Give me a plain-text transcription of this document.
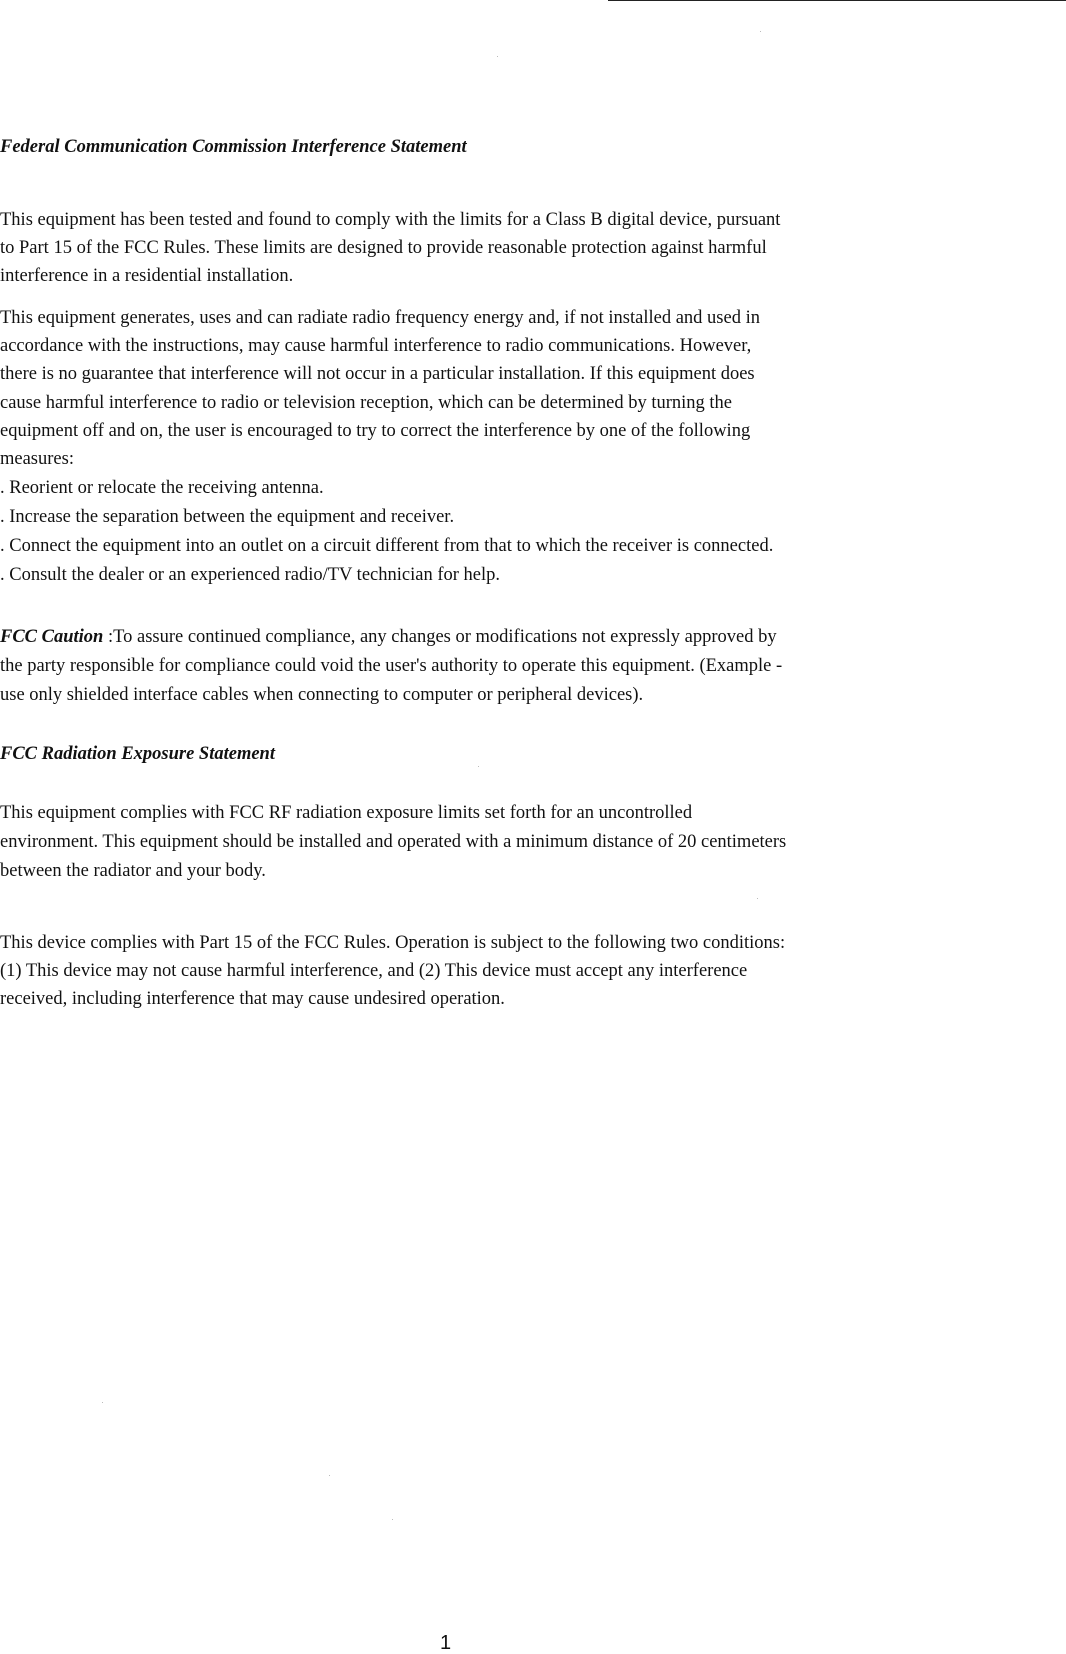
Federal Communication Commission Interference Statement
This equipment has been tested and found to comply with the limits for a Class B digital device, pursuant
to Part 15 of the FCC Rules. These limits are designed to provide reasonable protection against harmful
interference in a residential installation.
This equipment generates, uses and can radiate radio frequency energy and, if not installed and used in
accordance with the instructions, may cause harmful interference to radio communications. However,
there is no guarantee that interference will not occur in a particular installation. If this equipment does
cause harmful interference to radio or television reception, which can be determined by turning the
equipment off and on, the user is encouraged to try to correct the interference by one of the following
measures:
. Reorient or relocate the receiving antenna.
. Increase the separation between the equipment and receiver.
. Connect the equipment into an outlet on a circuit different from that to which the receiver is connected.
. Consult the dealer or an experienced radio/TV technician for help.
FCC Caution :To assure continued compliance, any changes or modifications not expressly approved by
the party responsible for compliance could void the user's authority to operate this equipment. (Example -
use only shielded interface cables when connecting to computer or peripheral devices).
FCC Radiation Exposure Statement
This equipment complies with FCC RF radiation exposure limits set forth for an uncontrolled
environment. This equipment should be installed and operated with a minimum distance of 20 centimeters
between the radiator and your body.
This device complies with Part 15 of the FCC Rules. Operation is subject to the following two conditions:
(1) This device may not cause harmful interference, and (2) This device must accept any interference
received, including interference that may cause undesired operation.
1
